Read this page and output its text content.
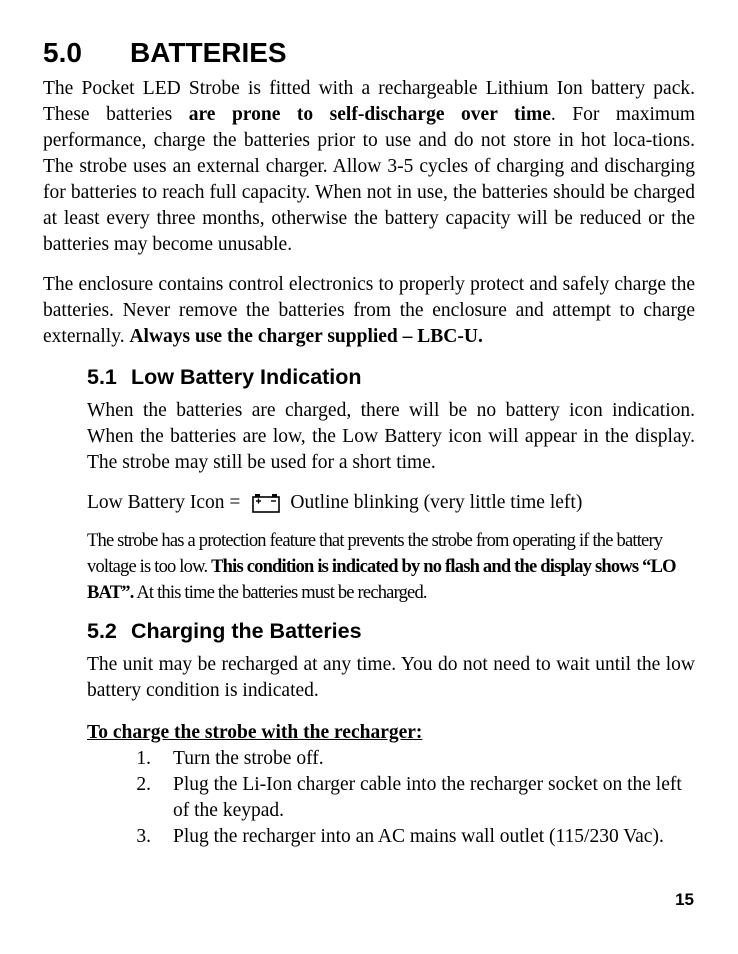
5.0	BATTERIES

The Pocket LED Strobe is fitted with a rechargeable Lithium Ion battery pack. These batteries are prone to self-discharge over time. For maximum performance, charge the batteries prior to use and do not store in hot loca-tions. The strobe uses an external charger. Allow 3-5 cycles of charging and discharging for batteries to reach full capacity. When not in use, the batteries should be charged at least every three months, otherwise the battery capacity will be reduced or the batteries may become unusable.

The enclosure contains control electronics to properly protect and safely charge the batteries. Never remove the batteries from the enclosure and attempt to charge externally. Always use the charger supplied – LBC-U.

5.1 Low Battery Indication

When the batteries are charged, there will be no battery icon indication. When the batteries are low, the Low Battery icon will appear in the display. The strobe may still be used for a short time.

Low Battery Icon =	Outline blinking (very little time left)

The strobe has a protection feature that prevents the strobe from operating if the battery voltage is too low. This condition is indicated by no flash and the display shows “LO BAT”. At this time the batteries must be recharged.

5.2 Charging the Batteries

The unit may be recharged at any time. You do not need to wait until the low battery condition is indicated.

To charge the strobe with the recharger:
1.	Turn the strobe off.
2.	Plug the Li-Ion charger cable into the recharger socket on the left of the keypad.
3.	Plug the recharger into an AC mains wall outlet (115/230 Vac).
15
